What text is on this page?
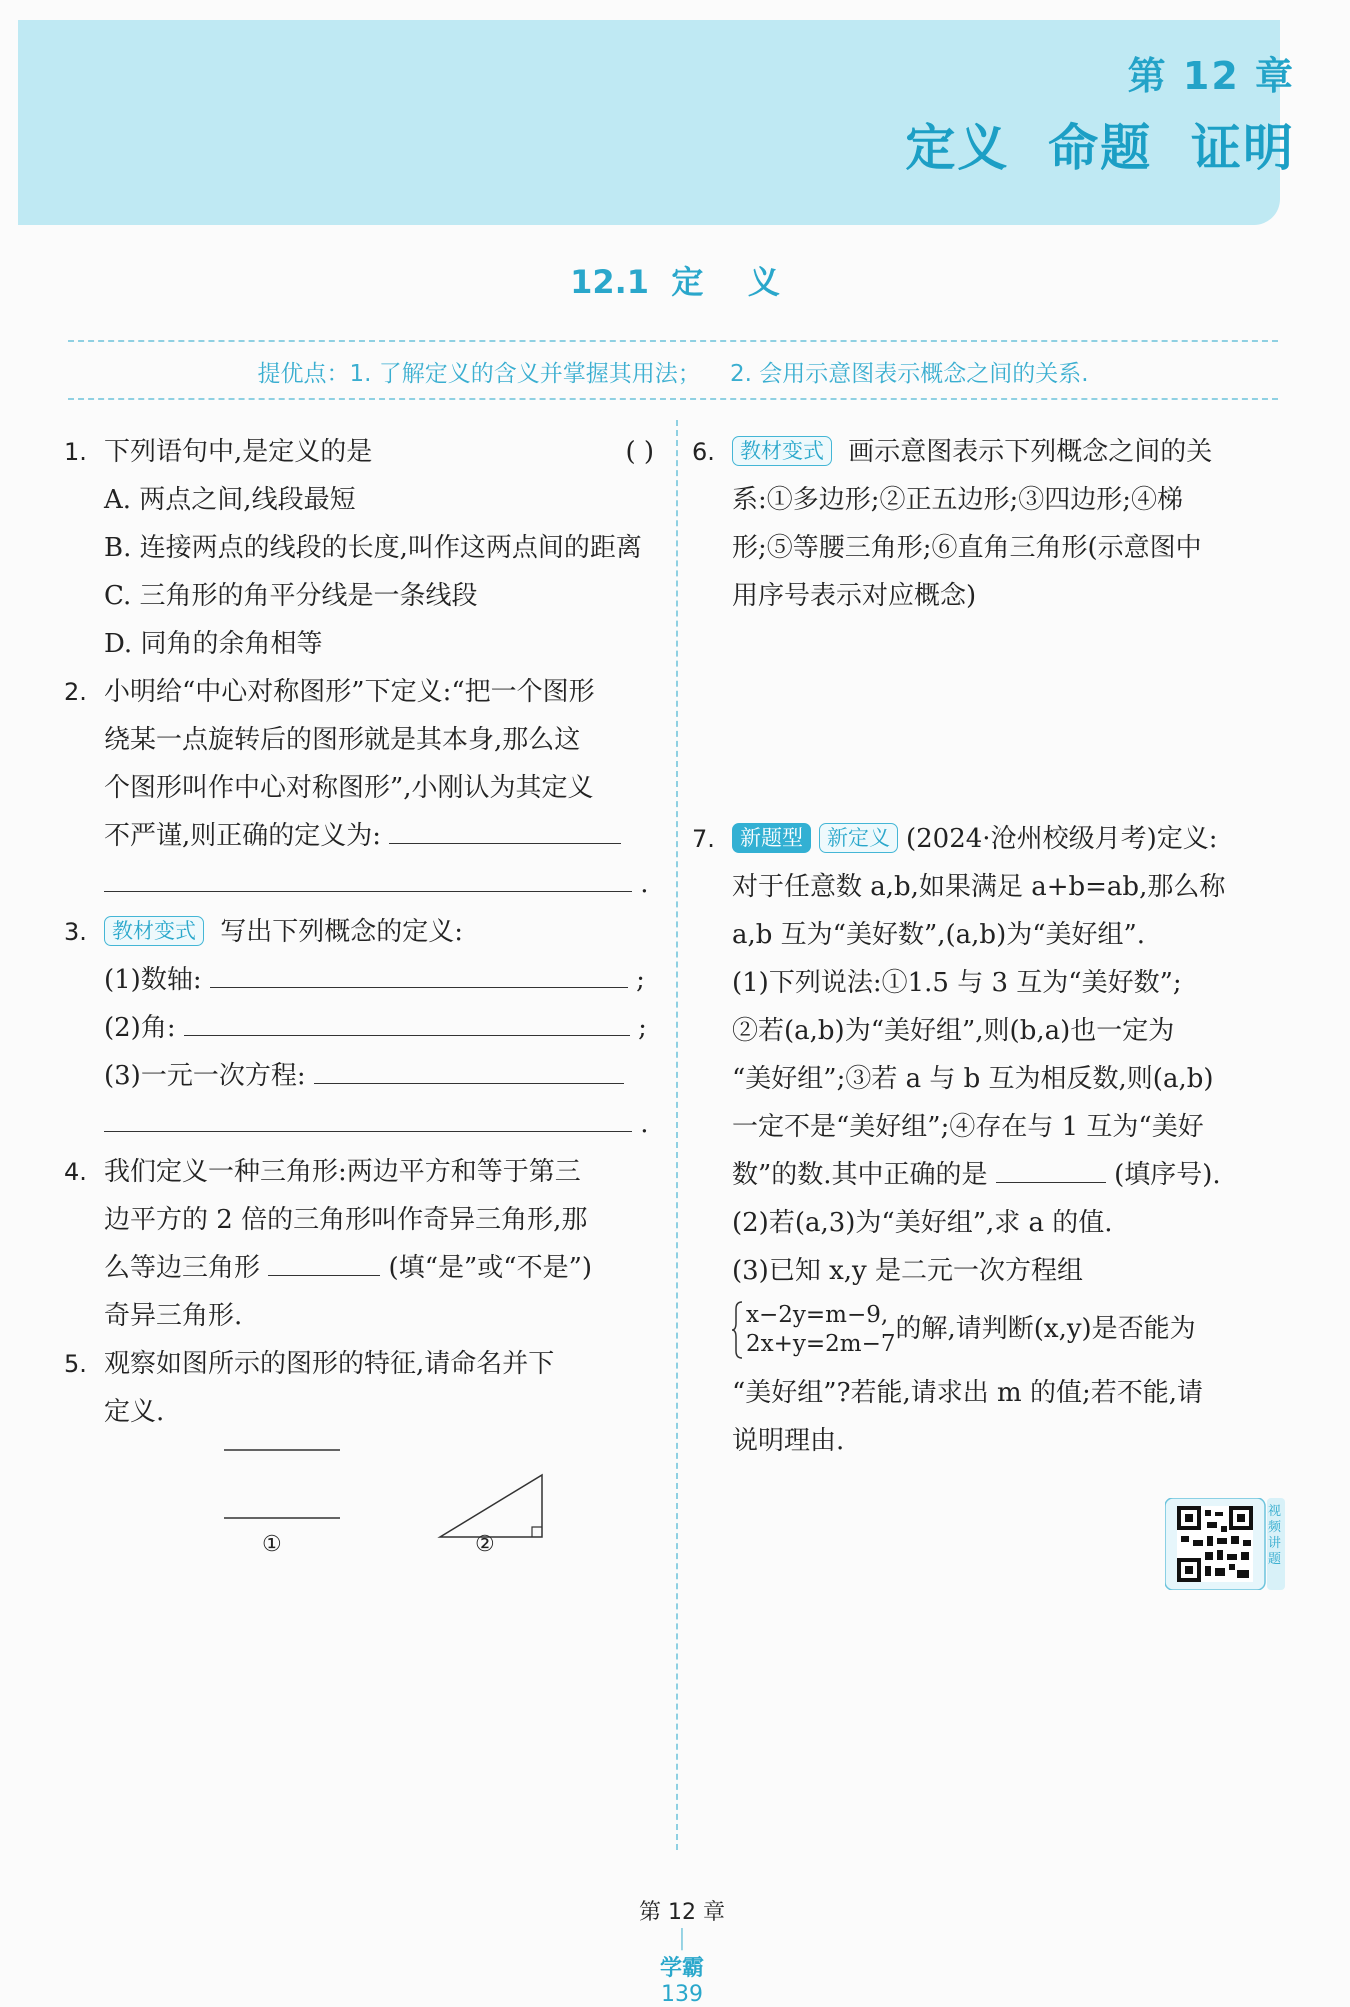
第 12 章
定义  命题  证明
12.1  定    义
提优点：1. 了解定义的含义并掌握其用法；    2. 会用示意图表示概念之间的关系.
1. 下列语句中,是定义的是	( )
A. 两点之间,线段最短
B. 连接两点的线段的长度,叫作这两点间的距离
C. 三角形的角平分线是一条线段
D. 同角的余角相等
2. 小明给“中心对称图形”下定义:“把一个图形
绕某一点旋转后的图形就是其本身,那么这
个图形叫作中心对称图形”,小刚认为其定义
不严谨,则正确的定义为:
.
3.	教材变式 写出下列概念的定义:
(1)数轴:	;
(2)角:	;
(3)一元一次方程:
.
4. 我们定义一种三角形:两边平方和等于第三
边平方的 2 倍的三角形叫作奇异三角形,那
么等边三角形	(填“是”或“不是”)
奇异三角形.
5. 观察如图所示的图形的特征,请命名并下
定义.
①	②
6.	教材变式 画示意图表示下列概念之间的关
系:①多边形;②正五边形;③四边形;④梯
形;⑤等腰三角形;⑥直角三角形(示意图中
用序号表示对应概念)
7.	新题型 新定义 (2024·沧州校级月考)定义:
对于任意数 a,b,如果满足 a+b=ab,那么称
a,b 互为“美好数”,(a,b)为“美好组”.
(1)下列说法:①1.5 与 3 互为“美好数”;
②若(a,b)为“美好组”,则(b,a)也一定为
“美好组”;③若 a 与 b 互为相反数,则(a,b)
一定不是“美好组”;④存在与 1 互为“美好
数”的数.其中正确的是	(填序号).
(2)若(a,3)为“美好组”,求 a 的值.
(3)已知 x,y 是二元一次方程组
x−2y=m−9,
2x+y=2m−7 的解,请判断(x,y)是否能为
“美好组”?若能,请求出 m 的值;若不能,请
说明理由.
视频讲题

第 12 章
|
学霸
139
